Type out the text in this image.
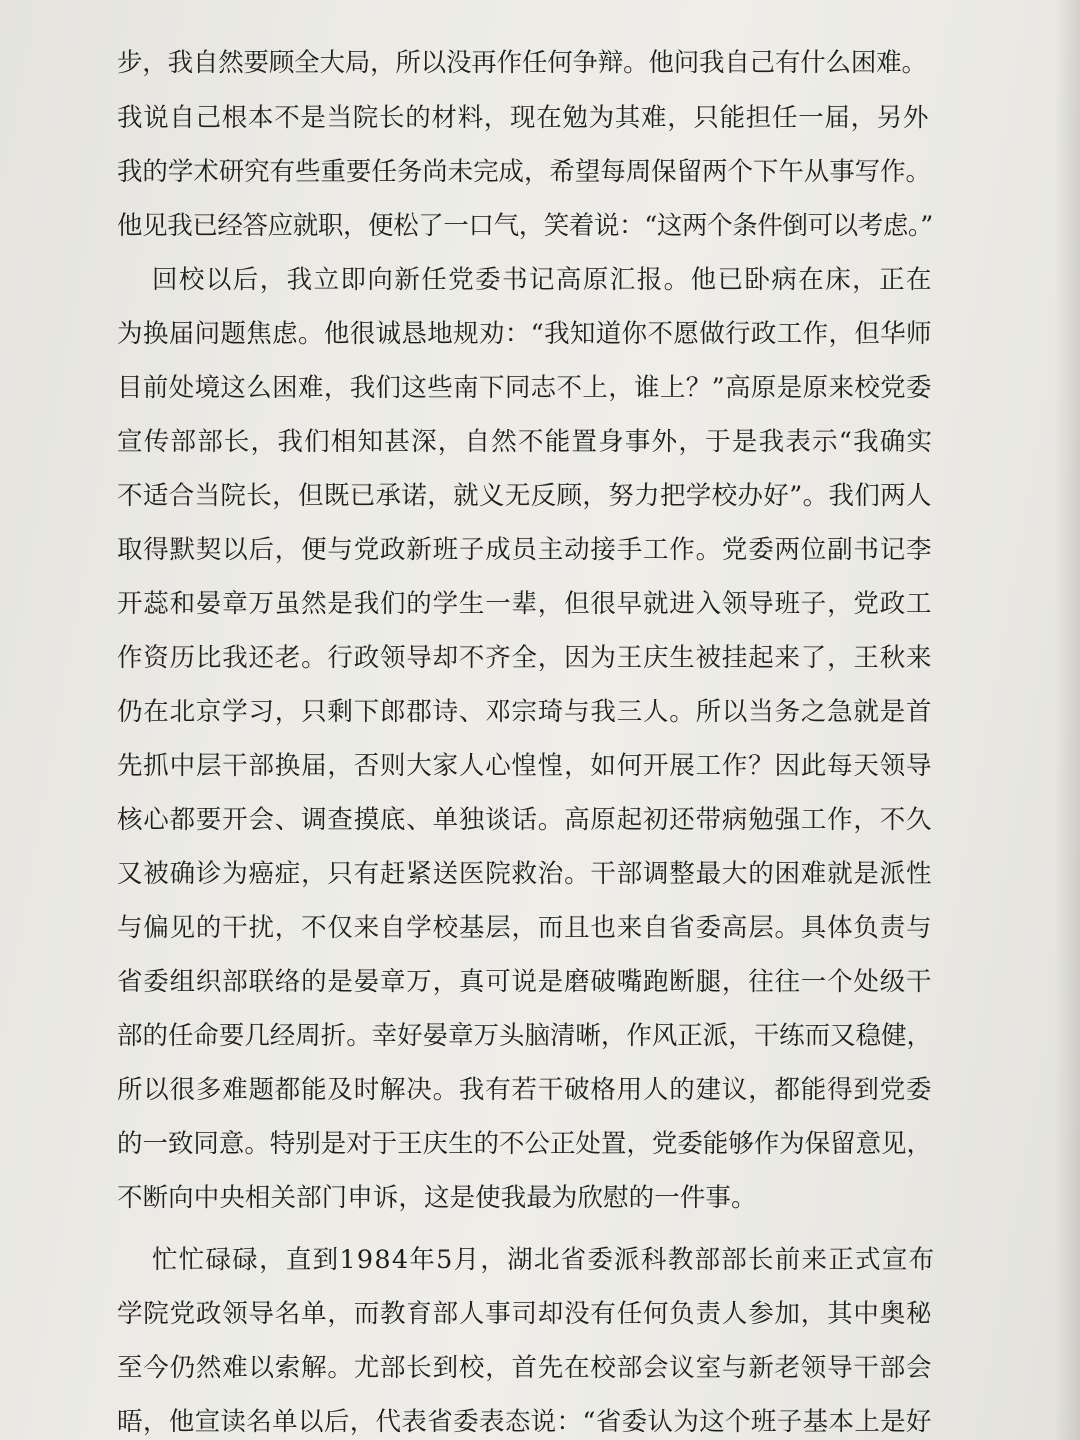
步，我自然要顾全大局，所以没再作任何争辩。他问我自己有什么困难。
我说自己根本不是当院长的材料，现在勉为其难，只能担任一届，另外
我的学术研究有些重要任务尚未完成，希望每周保留两个下午从事写作。
他见我已经答应就职，便松了一口气，笑着说：“这两个条件倒可以考虑。”
回校以后，我立即向新任党委书记高原汇报。他已卧病在床，正在
为换届问题焦虑。他很诚恳地规劝：“我知道你不愿做行政工作，但华师
目前处境这么困难，我们这些南下同志不上，谁上？”高原是原来校党委
宣传部部长，我们相知甚深，自然不能置身事外，于是我表示“我确实
不适合当院长，但既已承诺，就义无反顾，努力把学校办好”。我们两人
取得默契以后，便与党政新班子成员主动接手工作。党委两位副书记李
开蕊和晏章万虽然是我们的学生一辈，但很早就进入领导班子，党政工
作资历比我还老。行政领导却不齐全，因为王庆生被挂起来了，王秋来
仍在北京学习，只剩下郎郡诗、邓宗琦与我三人。所以当务之急就是首
先抓中层干部换届，否则大家人心惶惶，如何开展工作？因此每天领导
核心都要开会、调查摸底、单独谈话。高原起初还带病勉强工作，不久
又被确诊为癌症，只有赶紧送医院救治。干部调整最大的困难就是派性
与偏见的干扰，不仅来自学校基层，而且也来自省委高层。具体负责与
省委组织部联络的是晏章万，真可说是磨破嘴跑断腿，往往一个处级干
部的任命要几经周折。幸好晏章万头脑清晰，作风正派，干练而又稳健，
所以很多难题都能及时解决。我有若干破格用人的建议，都能得到党委
的一致同意。特别是对于王庆生的不公正处置，党委能够作为保留意见，
不断向中央相关部门申诉，这是使我最为欣慰的一件事。
忙忙碌碌，直到1984年5月，湖北省委派科教部部长前来正式宣布
学院党政领导名单，而教育部人事司却没有任何负责人参加，其中奥秘
至今仍然难以索解。尤部长到校，首先在校部会议室与新老领导干部会
晤，他宣读名单以后，代表省委表态说：“省委认为这个班子基本上是好
